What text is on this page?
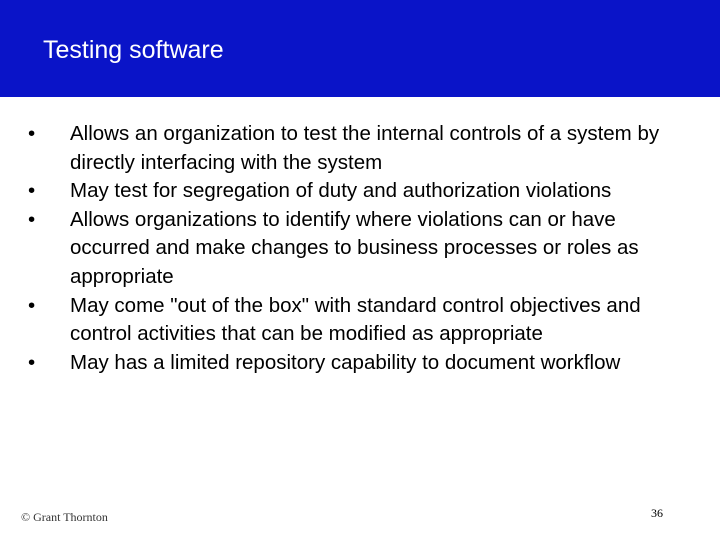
Testing software
•	Allows an organization to test the internal controls of a system by directly interfacing with the system
•	May test for segregation of duty and authorization violations
•	Allows organizations to identify where violations can or have occurred and make changes to business processes or roles as appropriate
•	May come "out of the box" with standard control objectives and control activities that can be modified as appropriate
•	May has a limited repository capability to document workflow
© Grant Thornton	36
